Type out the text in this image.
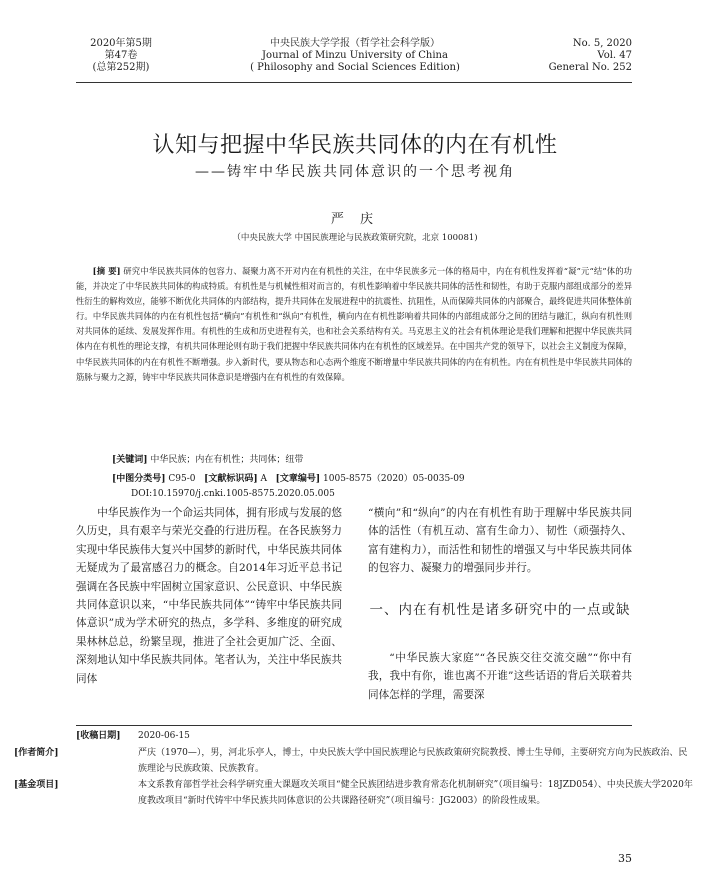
2020年第5期
第47卷
(总第252期)
中央民族大学学报（哲学社会科学版）
Journal of Minzu University of China
( Philosophy and Social Sciences Edition)
No. 5, 2020
Vol. 47
General No. 252
认知与把握中华民族共同体的内在有机性
——铸牢中华民族共同体意识的一个思考视角
严 庆
（中央民族大学 中国民族理论与民族政策研究院，北京 100081)
[摘 要] 研究中华民族共同体的包容力、凝聚力离不开对内在有机性的关注，在中华民族多元一体的格局中，内在有机性发挥着“凝”元“结”体的功能，并决定了中华民族共同体的构成特质。有机性是与机械性相对而言的，有机性影响着中华民族共同体的活性和韧性，有助于克服内部组成部分的差异性衍生的解构效应，能够不断优化共同体的内部结构，提升共同体在发展进程中的抗震性、抗阻性，从而保障共同体的内部聚合，最终促进共同体整体前行。中华民族共同体的内在有机性包括“横向”有机性和“纵向”有机性，横向内在有机性影响着共同体的内部组成部分之间的团结与融汇，纵向有机性则对共同体的延续、发展发挥作用。有机性的生成和历史进程有关，也和社会关系结构有关。马克思主义的社会有机体理论是我们理解和把握中华民族共同体内在有机性的理论支撑，有机共同体理论则有助于我们把握中华民族共同体内在有机性的区域差异。在中国共产党的领导下，以社会主义制度为保障，中华民族共同体的内在有机性不断增强。步入新时代，要从物态和心态两个维度不断增量中华民族共同体的内在有机性。内在有机性是中华民族共同体的筋脉与聚力之源，铸牢中华民族共同体意识是增强内在有机性的有效保障。
[关键词] 中华民族；内在有机性；共同体；纽带
[中图分类号] C95-0 [文献标识码] A [文章编号] 1005-8575（2020）05-0035-09
DOI:10.15970/j.cnki.1005-8575.2020.05.005
中华民族作为一个命运共同体，拥有形成与发展的悠久历史，具有艰辛与荣光交叠的行进历程。在各民族努力实现中华民族伟大复兴中国梦的新时代，中华民族共同体无疑成为了最富感召力的概念。自2014年习近平总书记强调在各民族中牢固树立国家意识、公民意识、中华民族共同体意识以来，“中华民族共同体”“铸牢中华民族共同体意识”成为学术研究的热点，多学科、多维度的研究成果林林总总，纷繁呈现，推进了全社会更加广泛、全面、深刻地认知中华民族共同体。笔者认为，关注中华民族共同体
“横向”和“纵向”的内在有机性有助于理解中华民族共同体的活性（有机互动、富有生命力）、韧性（顽强持久、富有建构力），而活性和韧性的增强又与中华民族共同体的包容力、凝聚力的增强同步并行。
一、内在有机性是诸多研究中的一点或缺
“中华民族大家庭”“各民族交往交流交融”“你中有我，我中有你，谁也离不开谁”这些话语的背后关联着共同体怎样的学理，需要深
[收稿日期] 2020-06-15
[作者简介]	严庆（1970—），男，河北乐亭人，博士，中央民族大学中国民族理论与民族政策研究院教授、博士生导师，主要研究方向为民族政治、民族理论与民族政策、民族教育。
[基金项目]	本文系教育部哲学社会科学研究重大课题攻关项目“健全民族团结进步教育常态化机制研究”（项目编号：18JZD054）、中央民族大学2020年度教改项目“新时代铸牢中华民族共同体意识的公共课路径研究”（项目编号：JG2003）的阶段性成果。
35
